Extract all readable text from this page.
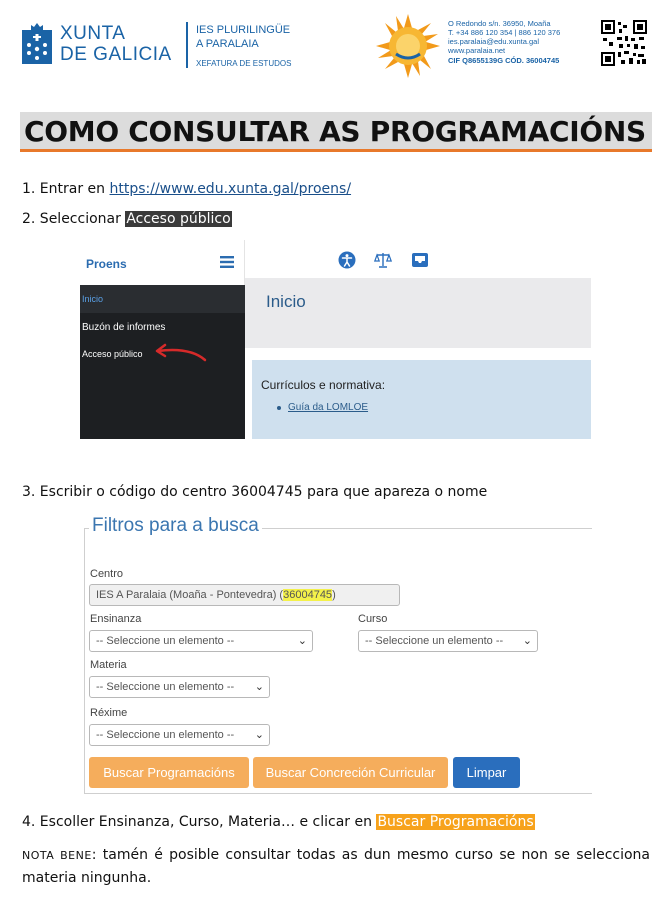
XUNTA
DE GALICIA
IES PLURILINGÜE
A PARALAIA
XEFATURA DE ESTUDOS
O Redondo s/n. 36950, Moaña
T. +34 886 120 354 | 886 120 376
ies.paralaia@edu.xunta.gal
www.paralaia.net
CIF Q8655139G CÓD. 36004745
COMO CONSULTAR AS PROGRAMACIÓNS
1. Entrar en https://www.edu.xunta.gal/proens/
2. Seleccionar Acceso público
Proens
Inicio
Buzón de informes
Acceso público
Inicio
Currículos e normativa:
Guía da LOMLOE
3. Escribir o código do centro 36004745 para que apareza o nome
Filtros para a busca
Centro
IES A Paralaia (Moaña - Pontevedra) (36004745)
Ensinanza	Curso
-- Seleccione un elemento --	⌄	-- Seleccione un elemento -- ⌄
Materia
-- Seleccione un elemento -- ⌄
Réxime
-- Seleccione un elemento -- ⌄
Buscar Programacións	Buscar Concreción Curricular	Limpar
4. Escoller Ensinanza, Curso, Materia… e clicar en Buscar Programacións
NOTA BENE: tamén é posible consultar todas as dun mesmo curso se non se selecciona materia ningunha.
